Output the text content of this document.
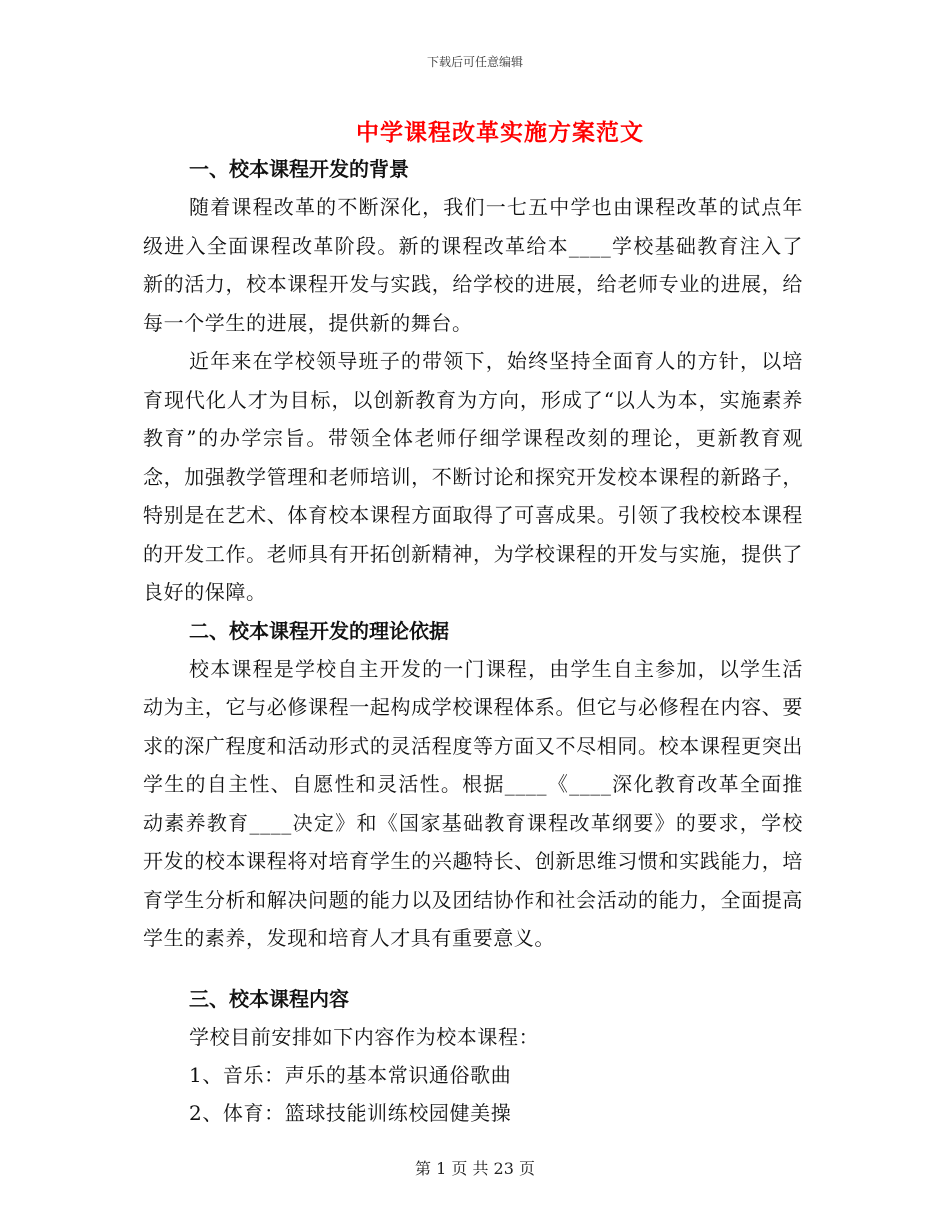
下载后可任意编辑
中学课程改革实施方案范文

一、校本课程开发的背景

随着课程改革的不断深化，我们一七五中学也由课程改革的试点年级进入全面课程改革阶段。新的课程改革给本____学校基础教育注入了新的活力，校本课程开发与实践，给学校的进展，给老师专业的进展，给每一个学生的进展，提供新的舞台。

近年来在学校领导班子的带领下，始终坚持全面育人的方针，以培育现代化人才为目标，以创新教育为方向，形成了“以人为本，实施素养教育”的办学宗旨。带领全体老师仔细学课程改刻的理论，更新教育观念，加强教学管理和老师培训，不断讨论和探究开发校本课程的新路子，特别是在艺术、体育校本课程方面取得了可喜成果。引领了我校校本课程的开发工作。老师具有开拓创新精神，为学校课程的开发与实施，提供了良好的保障。

二、校本课程开发的理论依据

校本课程是学校自主开发的一门课程，由学生自主参加，以学生活动为主，它与必修课程一起构成学校课程体系。但它与必修程在内容、要求的深广程度和活动形式的灵活程度等方面又不尽相同。校本课程更突出学生的自主性、自愿性和灵活性。根据____《____深化教育改革全面推动素养教育____决定》和《国家基础教育课程改革纲要》的要求，学校开发的校本课程将对培育学生的兴趣特长、创新思维习惯和实践能力，培育学生分析和解决问题的能力以及团结协作和社会活动的能力，全面提高学生的素养，发现和培育人才具有重要意义。

三、校本课程内容

学校目前安排如下内容作为校本课程：

1、音乐：声乐的基本常识通俗歌曲

2、体育：篮球技能训练校园健美操

第 1 页 共 23 页
